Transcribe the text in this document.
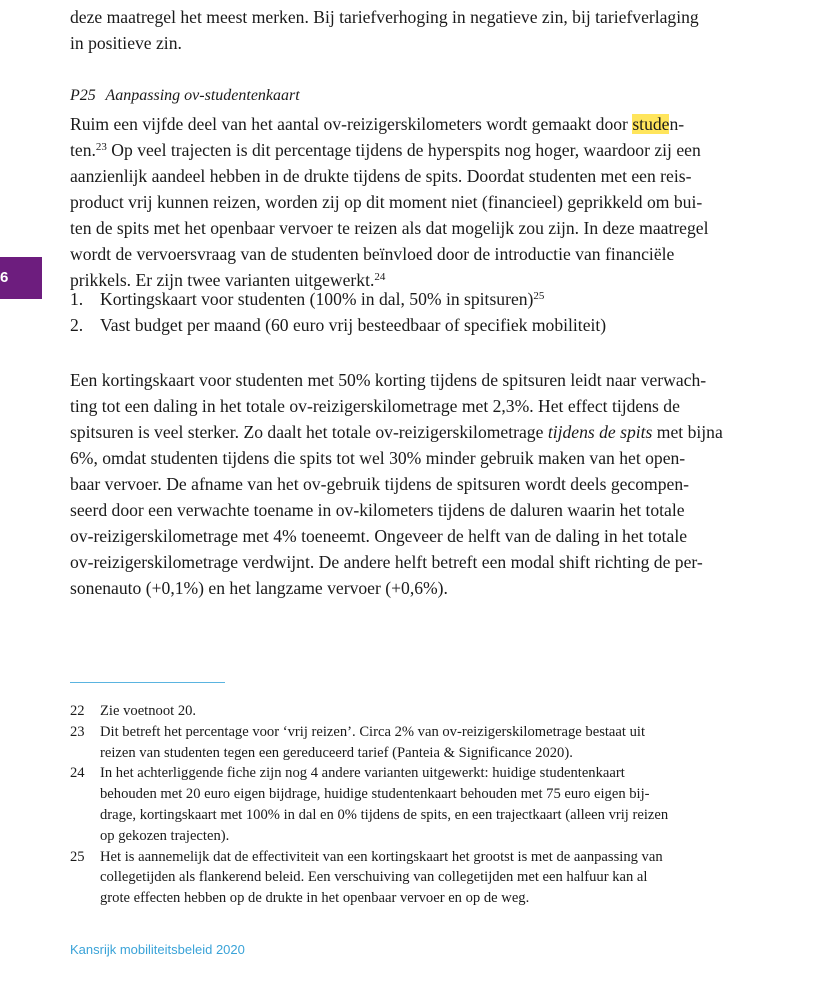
deze maatregel het meest merken. Bij tariefverhoging in negatieve zin, bij tariefverlaging
in positieve zin.
P25 Aanpassing ov-studentenkaart
Ruim een vijfde deel van het aantal ov-reizigerskilometers wordt gemaakt door studen-
ten.$^{23}$ Op veel trajecten is dit percentage tijdens de hyperspits nog hoger, waardoor zij een
aanzienlijk aandeel hebben in de drukte tijdens de spits. Doordat studenten met een reis-
product vrij kunnen reizen, worden zij op dit moment niet (financieel) geprikkeld om bui-
ten de spits met het openbaar vervoer te reizen als dat mogelijk zou zijn. In deze maatregel
wordt de vervoersvraag van de studenten beïnvloed door de introductie van financiële
prikkels. Er zijn twee varianten uitgewerkt.$^{24}$
6
1. Kortingskaart voor studenten (100% in dal, 50% in spitsuren)$^{25}$
2. Vast budget per maand (60 euro vrij besteedbaar of specifiek mobiliteit)
Een kortingskaart voor studenten met 50% korting tijdens de spitsuren leidt naar verwach-
ting tot een daling in het totale ov-reizigerskilometrage met 2,3%. Het effect tijdens de
spitsuren is veel sterker. Zo daalt het totale ov-reizigerskilometrage tijdens de spits met bijna
6%, omdat studenten tijdens die spits tot wel 30% minder gebruik maken van het open-
baar vervoer. De afname van het ov-gebruik tijdens de spitsuren wordt deels gecompen-
seerd door een verwachte toename in ov-kilometers tijdens de daluren waarin het totale
ov-reizigerskilometrage met 4% toeneemt. Ongeveer de helft van de daling in het totale
ov-reizigerskilometrage verdwijnt. De andere helft betreft een modal shift richting de per-
sonenauto (+0,1%) en het langzame vervoer (+0,6%).
22	Zie voetnoot 20.
23	Dit betreft het percentage voor ‘vrij reizen’. Circa 2% van ov-reizigerskilometrage bestaat uit
reizen van studenten tegen een gereduceerd tarief (Panteia & Significance 2020).
24	In het achterliggende fiche zijn nog 4 andere varianten uitgewerkt: huidige studentenkaart
behouden met 20 euro eigen bijdrage, huidige studentenkaart behouden met 75 euro eigen bij-
drage, kortingskaart met 100% in dal en 0% tijdens de spits, en een trajectkaart (alleen vrij reizen
op gekozen trajecten).
25	Het is aannemelijk dat de effectiviteit van een kortingskaart het grootst is met de aanpassing van
collegetijden als flankerend beleid. Een verschuiving van collegetijden met een halfuur kan al
grote effecten hebben op de drukte in het openbaar vervoer en op de weg.
Kansrijk mobiliteitsbeleid 2020
